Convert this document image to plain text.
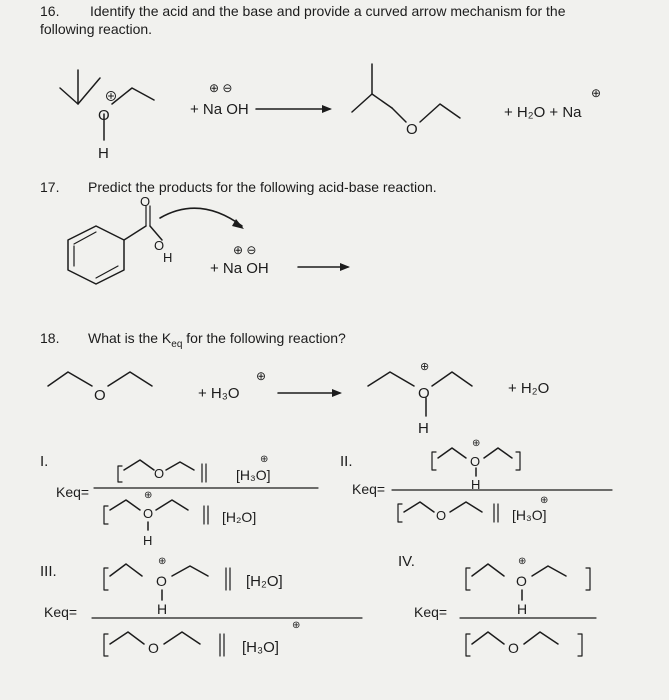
16. Identify the acid and the base and provide a curved arrow mechanism for the
following reaction.
17. Predict the products for the following acid-base reaction.
18. What is the $K_{eq}$ for the following reaction?
O
H
⊕ ⊖
+ Na OH
O
+ H₂O + Na
⊕
O
O
H	⊕ ⊖
+ Na OH
O	+ H₃O
⊕
O
H
⊕
+ H₂O
I.
Keq=
O	[H₃O]
⊕
O
⊕
H
[H₂O]
II.
Keq=
O
⊕
H
O	[H₃O]
⊕
III.
Keq=
O
⊕
H
[H₂O]
O	[H₃O]
⊕
IV.
Keq=
O
⊕
H
O
